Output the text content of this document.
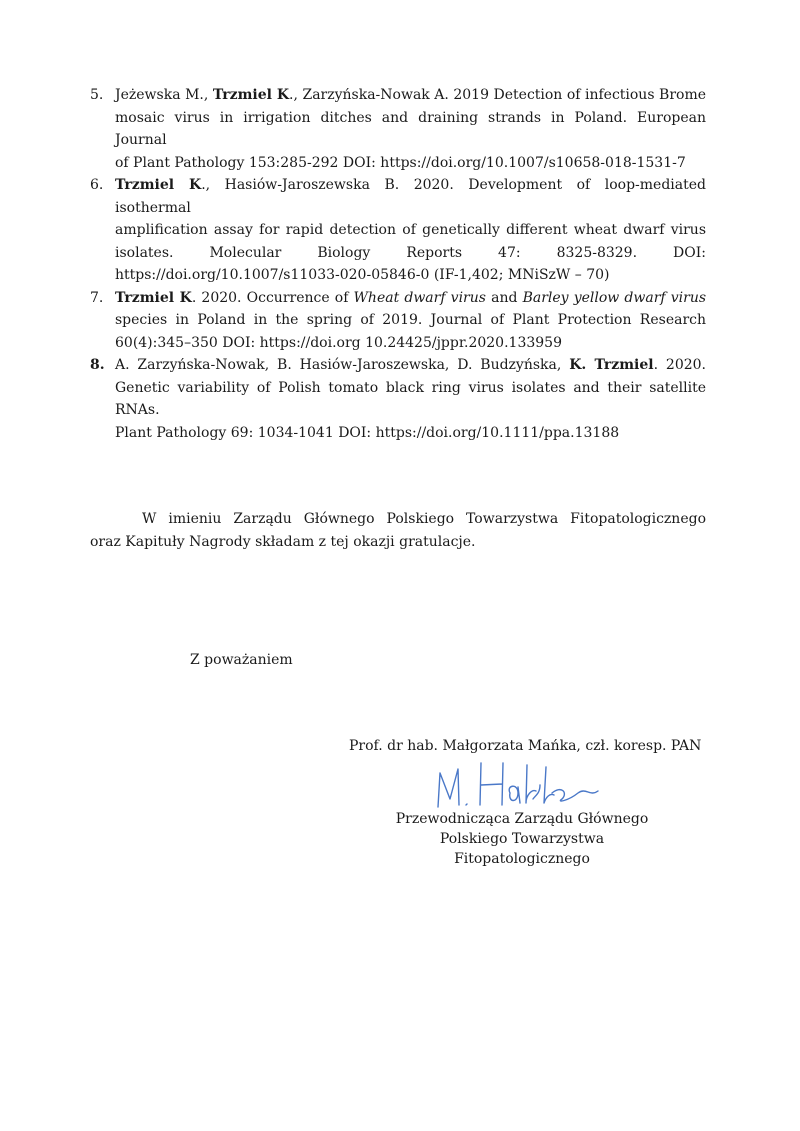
5. Jeżewska M., Trzmiel K., Zarzyńska-Nowak A. 2019 Detection of infectious Brome
mosaic virus in irrigation ditches and draining strands in Poland. European Journal
of Plant Pathology 153:285-292 DOI: https://doi.org/10.1007/s10658-018-1531-7
6. Trzmiel K., Hasiów-Jaroszewska B. 2020. Development of loop-mediated isothermal
amplification assay for rapid detection of genetically different wheat dwarf virus
isolates. Molecular Biology Reports 47: 8325-8329. DOI:
https://doi.org/10.1007/s11033-020-05846-0 (IF-1,402; MNiSzW – 70)
7. Trzmiel K. 2020. Occurrence of Wheat dwarf virus and Barley yellow dwarf virus
species in Poland in the spring of 2019. Journal of Plant Protection Research
60(4):345–350 DOI: https://doi.org 10.24425/jppr.2020.133959
8. A. Zarzyńska-Nowak, B. Hasiów-Jaroszewska, D. Budzyńska, K. Trzmiel. 2020.
Genetic variability of Polish tomato black ring virus isolates and their satellite RNAs.
Plant Pathology 69: 1034-1041 DOI: https://doi.org/10.1111/ppa.13188
W imieniu Zarządu Głównego Polskiego Towarzystwa Fitopatologicznego
oraz Kapituły Nagrody składam z tej okazji gratulacje.
Z poważaniem
Prof. dr hab. Małgorzata Mańka, czł. koresp. PAN
Przewodnicząca Zarządu Głównego
Polskiego Towarzystwa Fitopatologicznego
